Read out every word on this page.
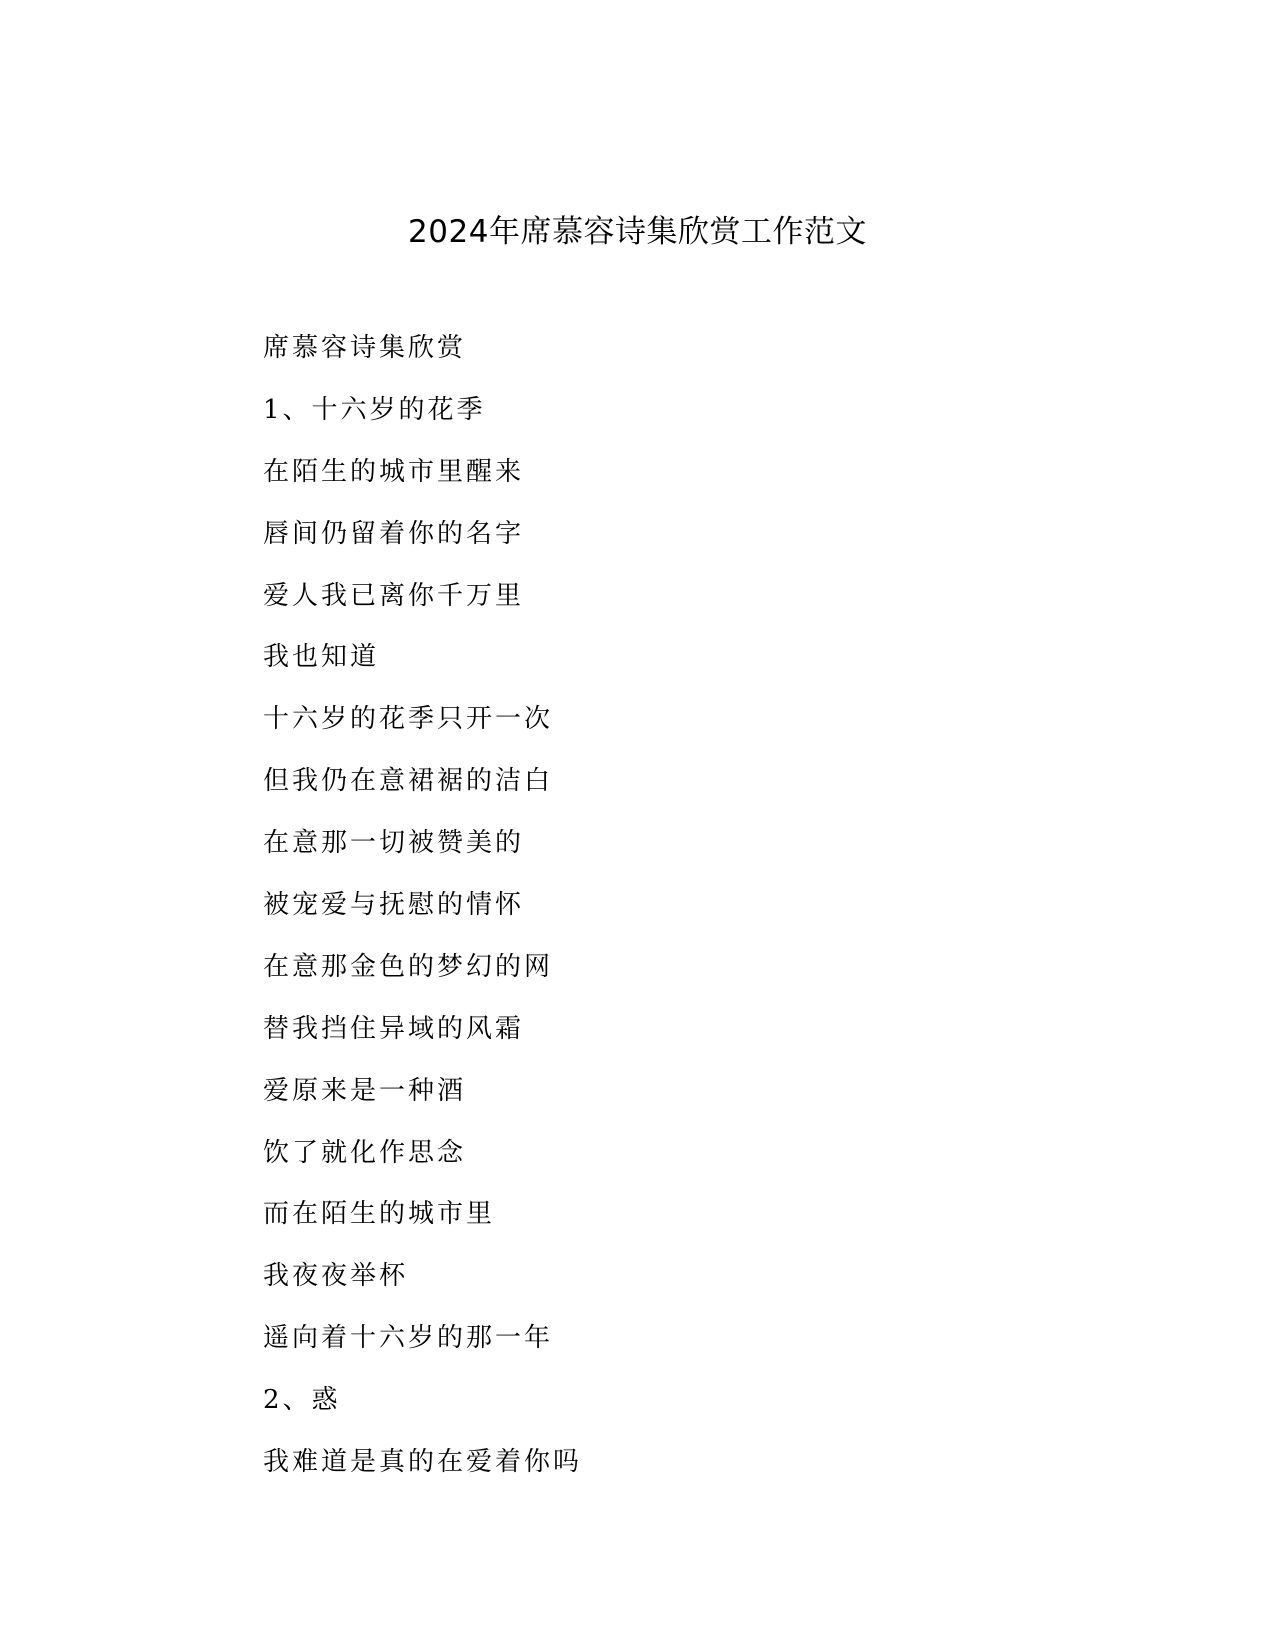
2024年席慕容诗集欣赏工作范文

席慕容诗集欣赏

1、十六岁的花季

在陌生的城市里醒来

唇间仍留着你的名字

爱人我已离你千万里

我也知道

十六岁的花季只开一次

但我仍在意裙裾的洁白

在意那一切被赞美的

被宠爱与抚慰的情怀

在意那金色的梦幻的网

替我挡住异域的风霜

爱原来是一种酒

饮了就化作思念

而在陌生的城市里

我夜夜举杯

遥向着十六岁的那一年

2、惑

我难道是真的在爱着你吗
